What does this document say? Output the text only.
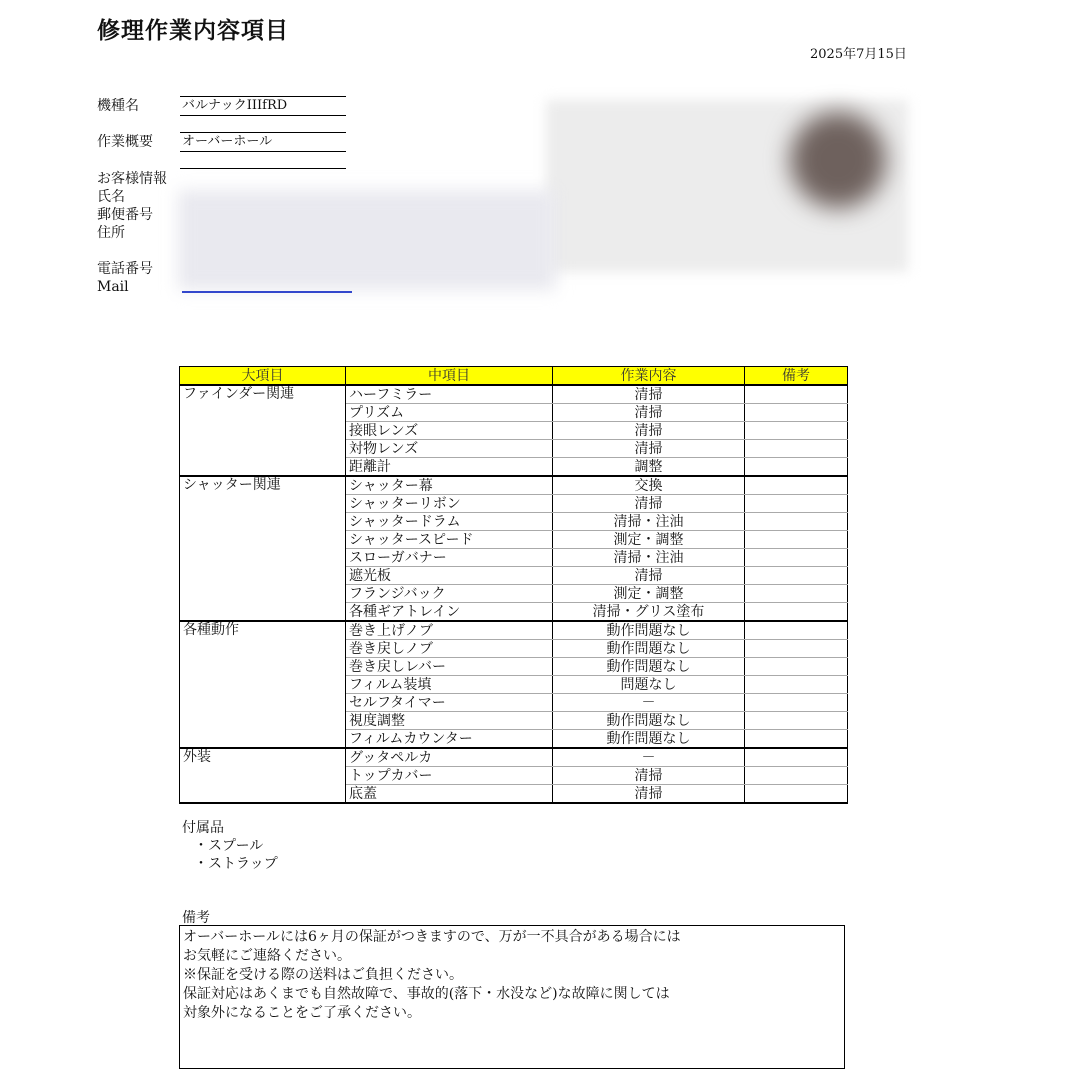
修理作業内容項目
2025年7月15日
機種名	バルナックIIIfRD
作業概要 オーバーホール
お客様情報
氏名
郵便番号
住所
電話番号
Mail
大項目	中項目	作業内容	備考
ファインダー関連	ハーフミラー	清掃	
	プリズム	清掃	
	接眼レンズ	清掃	
	対物レンズ	清掃	
	距離計	調整	
シャッター関連	シャッター幕	交換	
	シャッターリボン	清掃	
	シャッタードラム	清掃・注油	
	シャッタースピード	測定・調整	
	スローガバナー	清掃・注油	
	遮光板	清掃	
	フランジバック	測定・調整	
	各種ギアトレイン	清掃・グリス塗布	
各種動作	巻き上げノブ	動作問題なし	
	巻き戻しノブ	動作問題なし	
	巻き戻しレバー	動作問題なし	
	フィルム装填	問題なし	
	セルフタイマー	－	
	視度調整	動作問題なし	
	フィルムカウンター	動作問題なし	
外装	グッタペルカ	－	
	トップカバー	清掃	
	底蓋	清掃	
付属品
・スプール
・ストラップ
備考
オーバーホールには6ヶ月の保証がつきますので、万が一不具合がある場合には
お気軽にご連絡ください。
※保証を受ける際の送料はご負担ください。
保証対応はあくまでも自然故障で、事故的(落下・水没など)な故障に関しては
対象外になることをご了承ください。
